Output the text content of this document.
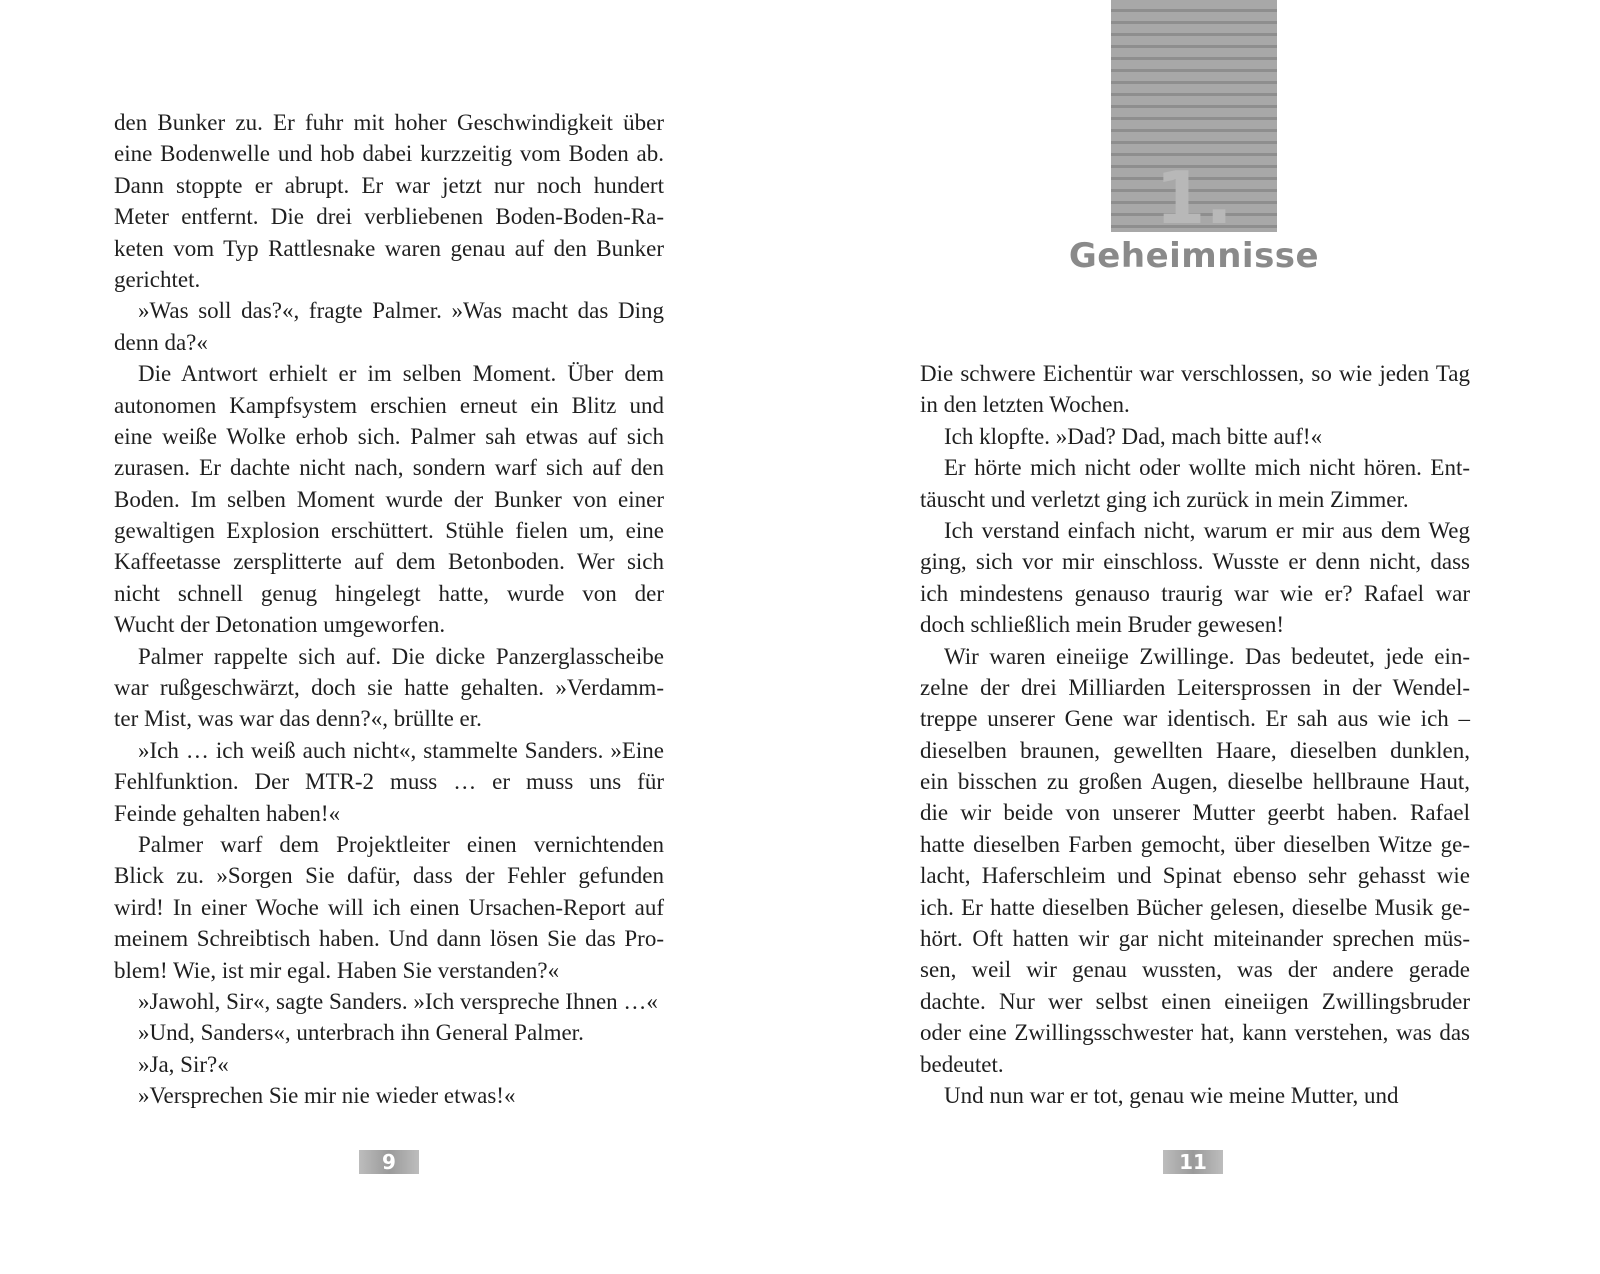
den Bunker zu. Er fuhr mit hoher Geschwindigkeit über
eine Bodenwelle und hob dabei kurzzeitig vom Boden ab.
Dann stoppte er abrupt. Er war jetzt nur noch hundert
Meter entfernt. Die drei verbliebenen Boden-Boden-Ra-
keten vom Typ Rattlesnake waren genau auf den Bunker
gerichtet.
»Was soll das?«, fragte Palmer. »Was macht das Ding
denn da?«
Die Antwort erhielt er im selben Moment. Über dem
autonomen Kampfsystem erschien erneut ein Blitz und
eine weiße Wolke erhob sich. Palmer sah etwas auf sich
zurasen. Er dachte nicht nach, sondern warf sich auf den
Boden. Im selben Moment wurde der Bunker von einer
gewaltigen Explosion erschüttert. Stühle fielen um, eine
Kaffeetasse zersplitterte auf dem Betonboden. Wer sich
nicht schnell genug hingelegt hatte, wurde von der
Wucht der Detonation umgeworfen.
Palmer rappelte sich auf. Die dicke Panzerglasscheibe
war rußgeschwärzt, doch sie hatte gehalten. »Verdamm-
ter Mist, was war das denn?«, brüllte er.
»Ich … ich weiß auch nicht«, stammelte Sanders. »Eine
Fehlfunktion. Der MTR-2 muss … er muss uns für
Feinde gehalten haben!«
Palmer warf dem Projektleiter einen vernichtenden
Blick zu. »Sorgen Sie dafür, dass der Fehler gefunden
wird! In einer Woche will ich einen Ursachen-Report auf
meinem Schreibtisch haben. Und dann lösen Sie das Pro-
blem! Wie, ist mir egal. Haben Sie verstanden?«
»Jawohl, Sir«, sagte Sanders. »Ich verspreche Ihnen …«
»Und, Sanders«, unterbrach ihn General Palmer.
»Ja, Sir?«
»Versprechen Sie mir nie wieder etwas!«
9
1.
Geheimnisse
Die schwere Eichentür war verschlossen, so wie jeden Tag
in den letzten Wochen.
Ich klopfte. »Dad? Dad, mach bitte auf!«
Er hörte mich nicht oder wollte mich nicht hören. Ent-
täuscht und verletzt ging ich zurück in mein Zimmer.
Ich verstand einfach nicht, warum er mir aus dem Weg
ging, sich vor mir einschloss. Wusste er denn nicht, dass
ich mindestens genauso traurig war wie er? Rafael war
doch schließlich mein Bruder gewesen!
Wir waren eineiige Zwillinge. Das bedeutet, jede ein-
zelne der drei Milliarden Leitersprossen in der Wendel-
treppe unserer Gene war identisch. Er sah aus wie ich –
dieselben braunen, gewellten Haare, dieselben dunklen,
ein bisschen zu großen Augen, dieselbe hellbraune Haut,
die wir beide von unserer Mutter geerbt haben. Rafael
hatte dieselben Farben gemocht, über dieselben Witze ge-
lacht, Haferschleim und Spinat ebenso sehr gehasst wie
ich. Er hatte dieselben Bücher gelesen, dieselbe Musik ge-
hört. Oft hatten wir gar nicht miteinander sprechen müs-
sen, weil wir genau wussten, was der andere gerade
dachte. Nur wer selbst einen eineiigen Zwillingsbruder
oder eine Zwillingsschwester hat, kann verstehen, was das
bedeutet.
Und nun war er tot, genau wie meine Mutter, und
11
